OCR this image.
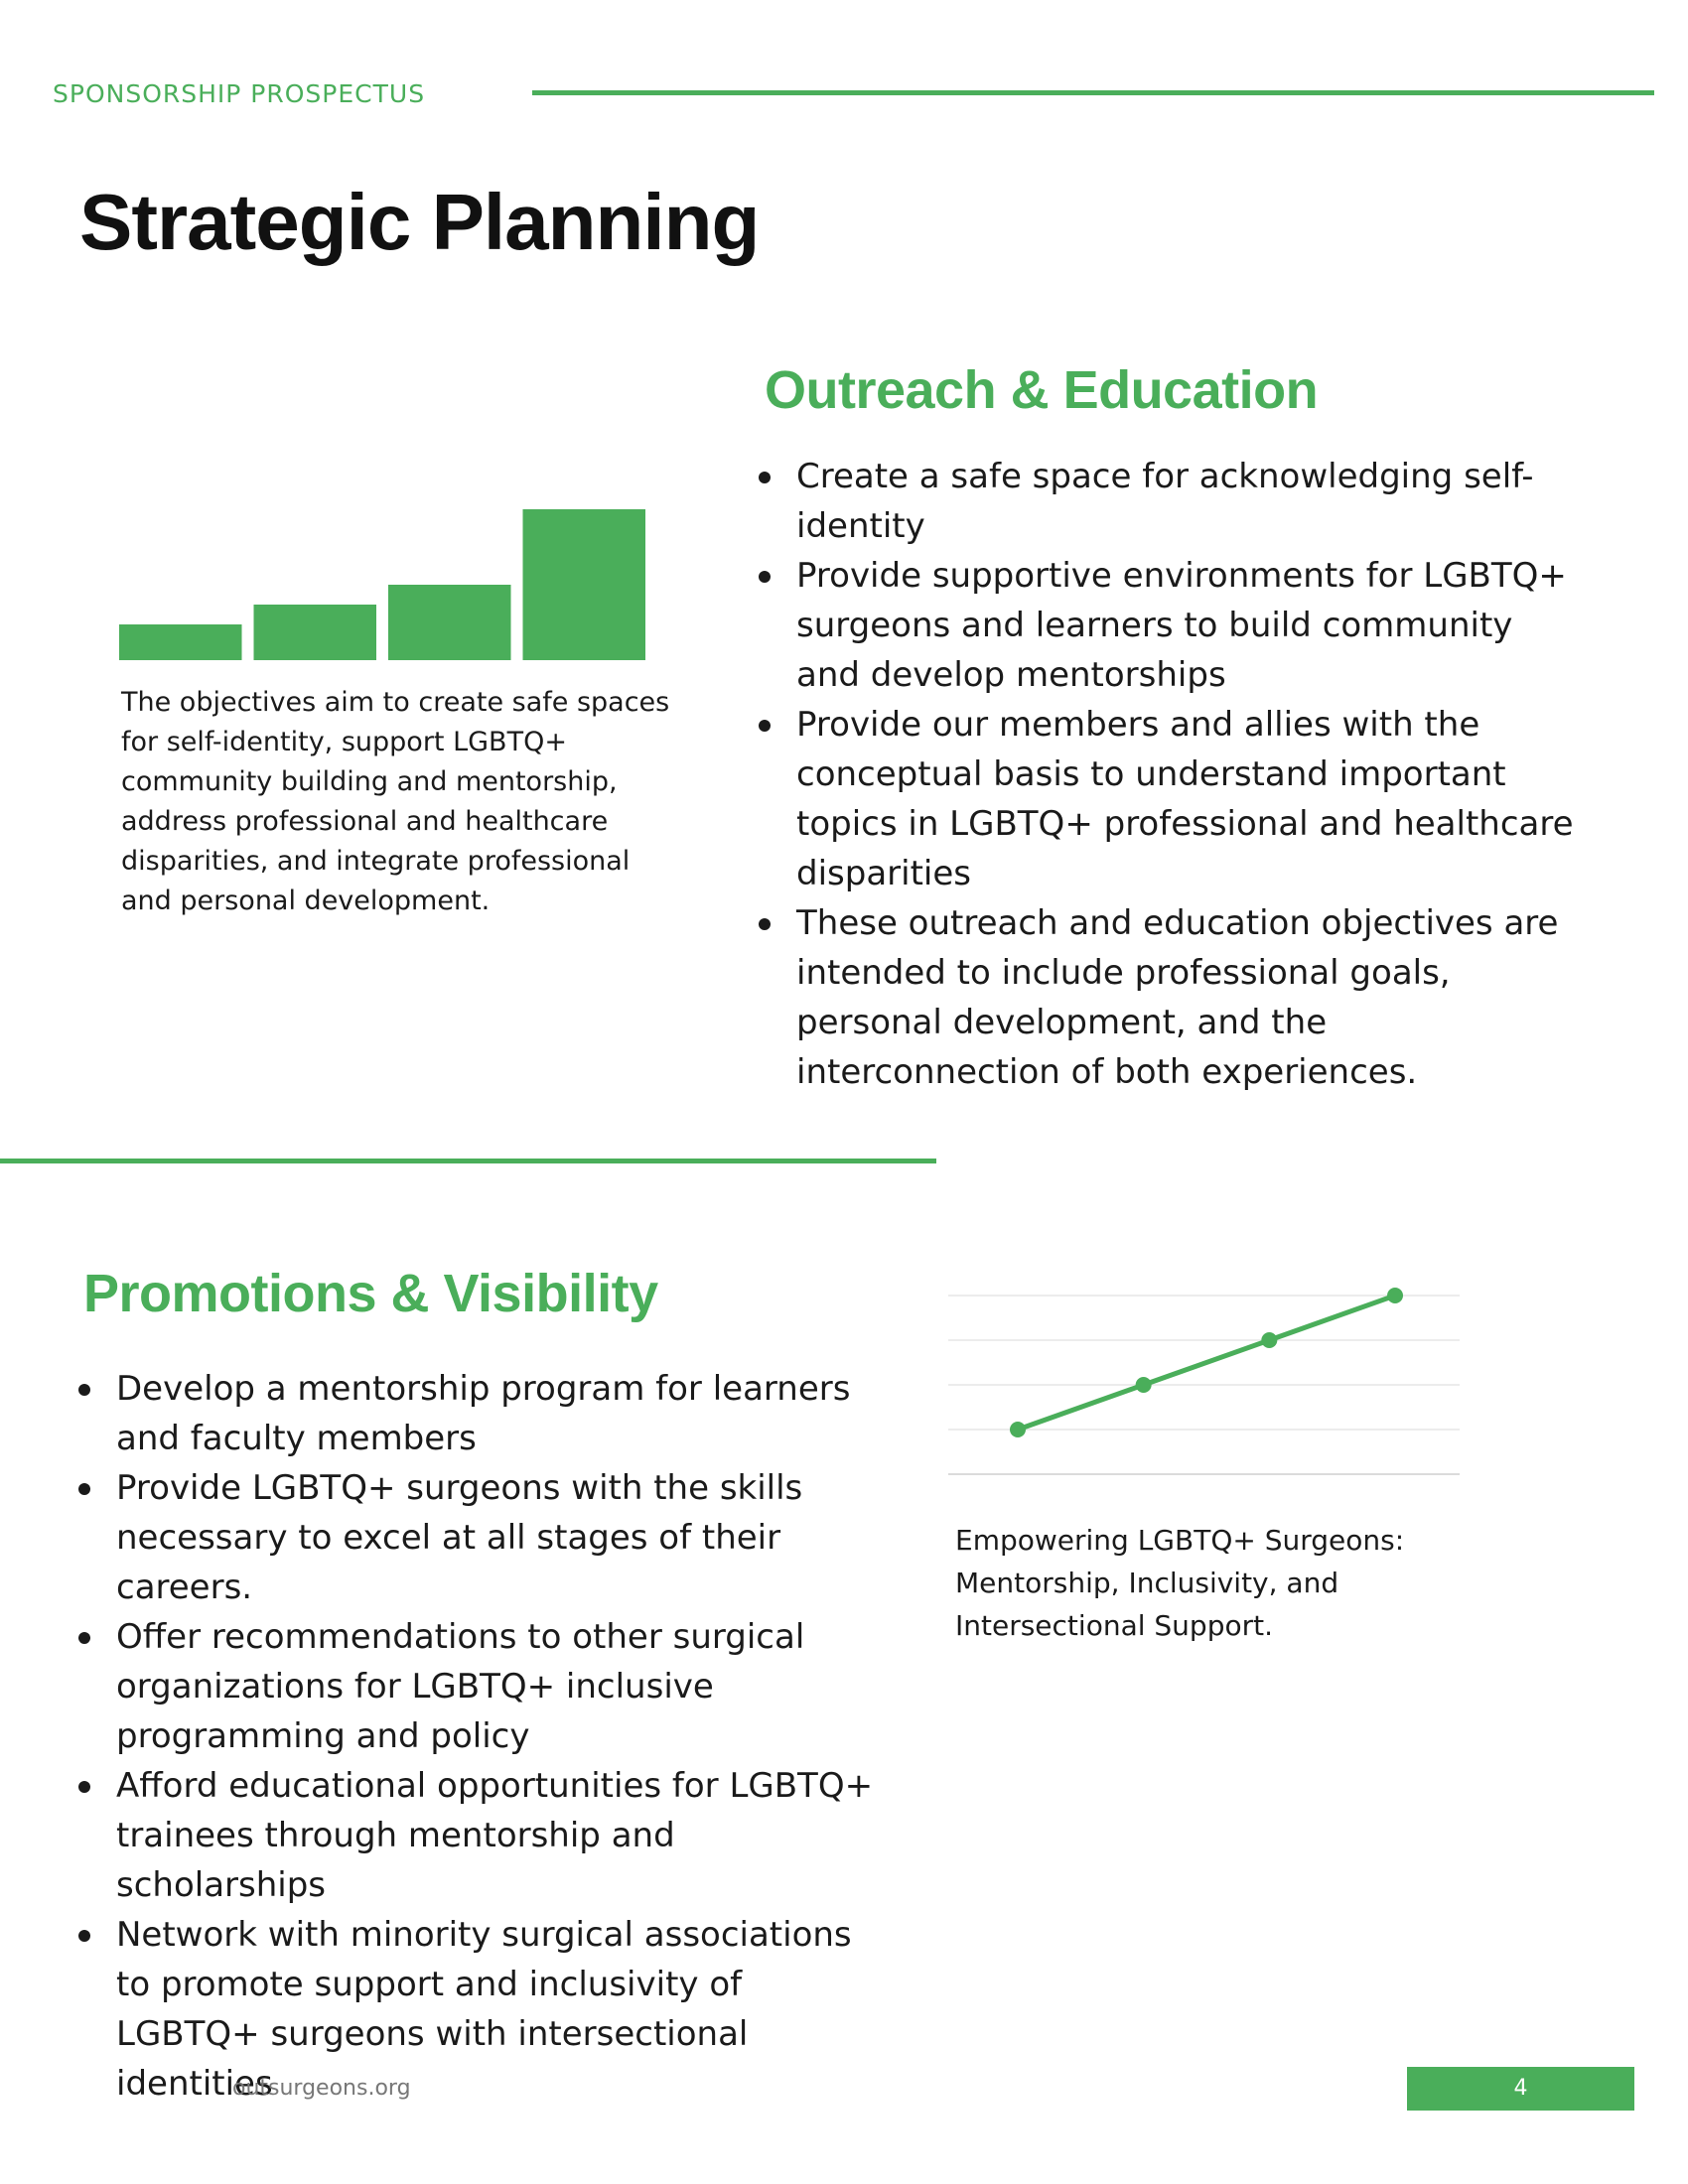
SPONSORSHIP PROSPECTUS
Strategic Planning
Outreach & Education
Create a safe space for acknowledging self-identity
Provide supportive environments for LGBTQ+ surgeons and learners to build community and develop mentorships
Provide our members and allies with the conceptual basis to understand important topics in LGBTQ+ professional and healthcare disparities
These outreach and education objectives are intended to include professional goals, personal development, and the interconnection of both experiences.
The objectives aim to create safe spaces for self-identity, support LGBTQ+ community building and mentorship, address professional and healthcare disparities, and integrate professional and personal development.
Promotions & Visibility
Develop a mentorship program for learners and faculty members
Provide LGBTQ+ surgeons with the skills necessary to excel at all stages of their careers.
Offer recommendations to other surgical organizations for LGBTQ+ inclusive programming and policy
Afford educational opportunities for LGBTQ+ trainees through mentorship and scholarships
Network with minority surgical associations to promote support and inclusivity of LGBTQ+ surgeons with intersectional identities
Empowering LGBTQ+ Surgeons: Mentorship, Inclusivity, and Intersectional Support.
outsurgeons.org	4
